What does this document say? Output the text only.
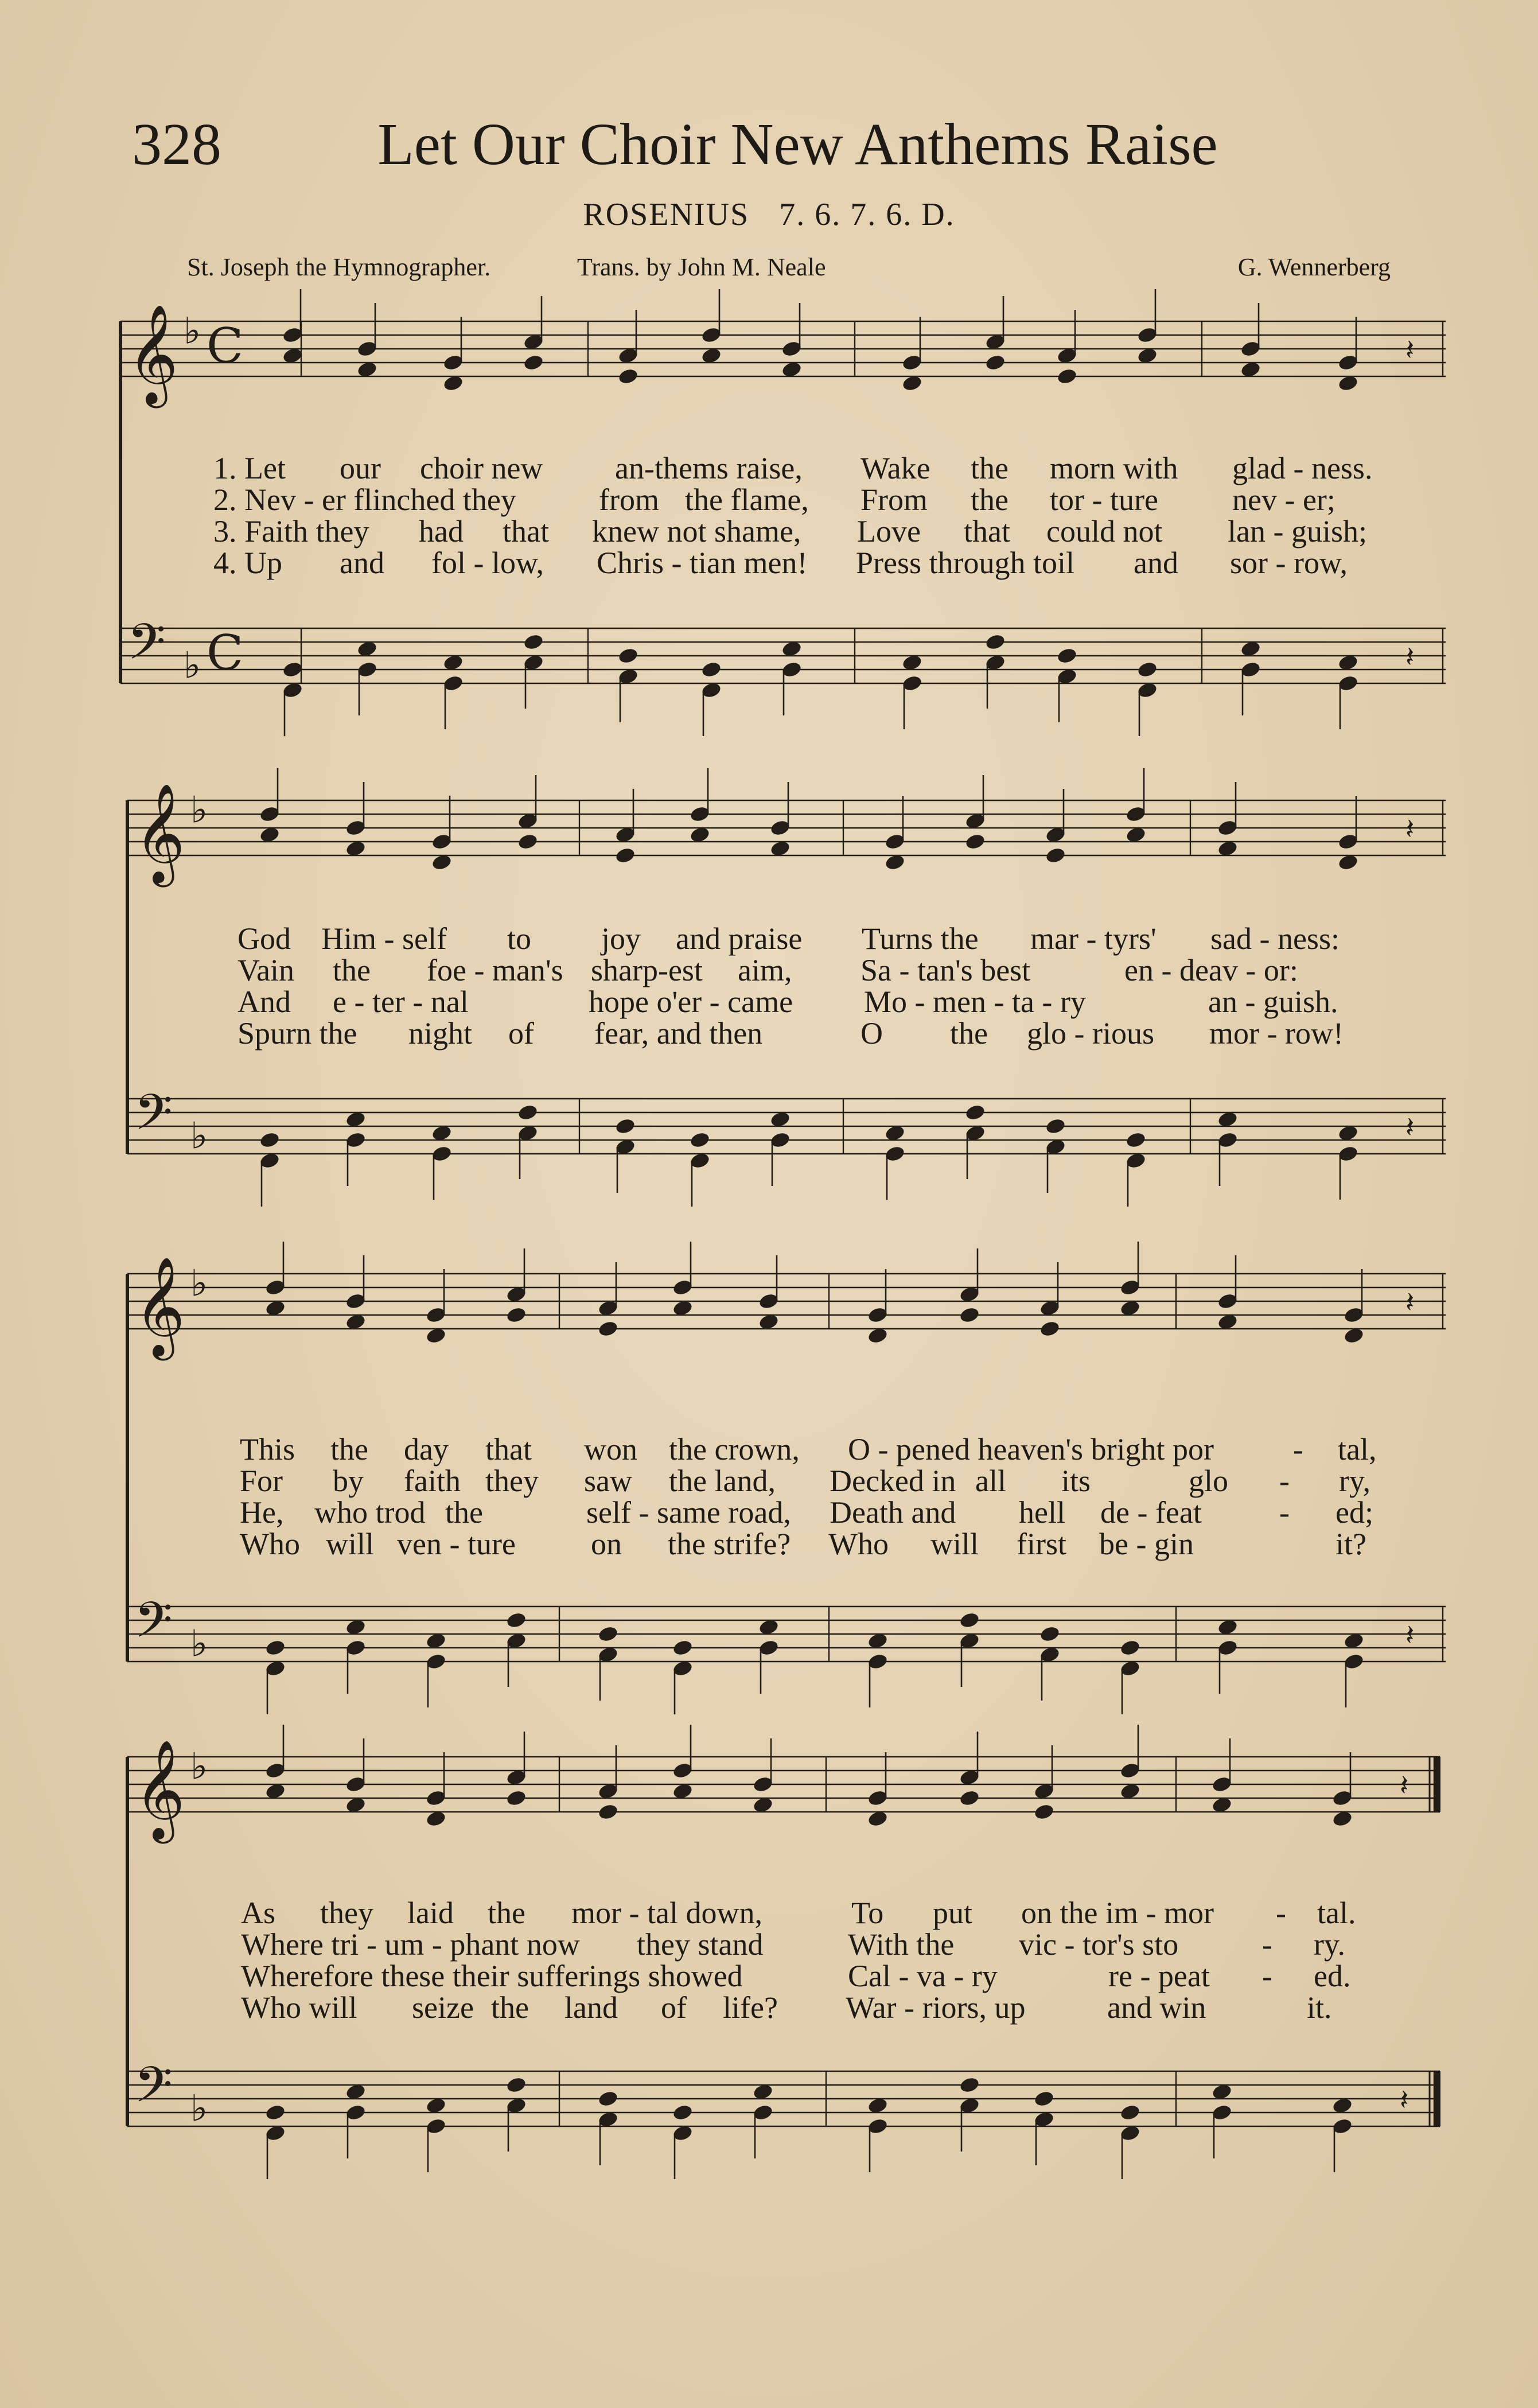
328	Let Our Choir New Anthems Raise
ROSENIUS 7. 6. 7. 6. D.
St. Joseph the Hymnographer.	Trans. by John M. Neale	G. Wennerberg
𝄞 ♭ C	𝄽
𝄢 ♭ C	𝄽
1. Let our choir new an-thems raise, Wake the morn with glad - ness.
2. Nev - er flinched they	from the flame, From the tor - ture nev - er;
3. Faith they had that knew not shame, Love that could not lan - guish;
4. Up and fol - low, Chris - tian men! Press through toil and sor - row,
𝄞 ♭	𝄽
𝄢 ♭	𝄽
God Him - self to joy and praise Turns the mar - tyrs' sad - ness:
Vain the foe - man's sharp-est aim, Sa - tan's best	en - deav - or:
And e - ter - nal	hope o'er - came Mo - men - ta - ry	an - guish.
Spurn the night of fear, and then	O the glo - rious mor - row!
𝄞 ♭	𝄽
𝄢 ♭	𝄽
This the day that won the crown, O - pened heaven's bright por	- tal,
For by faith they saw the land, Decked in all its	glo - ry,
He, who trod the	self - same road, Death and hell de - feat	- ed;
Who will ven - ture on the strife? Who will first be - gin	it?
𝄞 ♭	𝄽
𝄢 ♭	𝄽
As they laid the mor - tal down,	To put on the im - mor - tal.
Where tri - um - phant now they stand	With the vic - tor's sto	- ry.
Wherefore these their sufferings showed	Cal - va - ry	re - peat - ed.
Who will seize the land of life? War - riors, up	and win	it.
